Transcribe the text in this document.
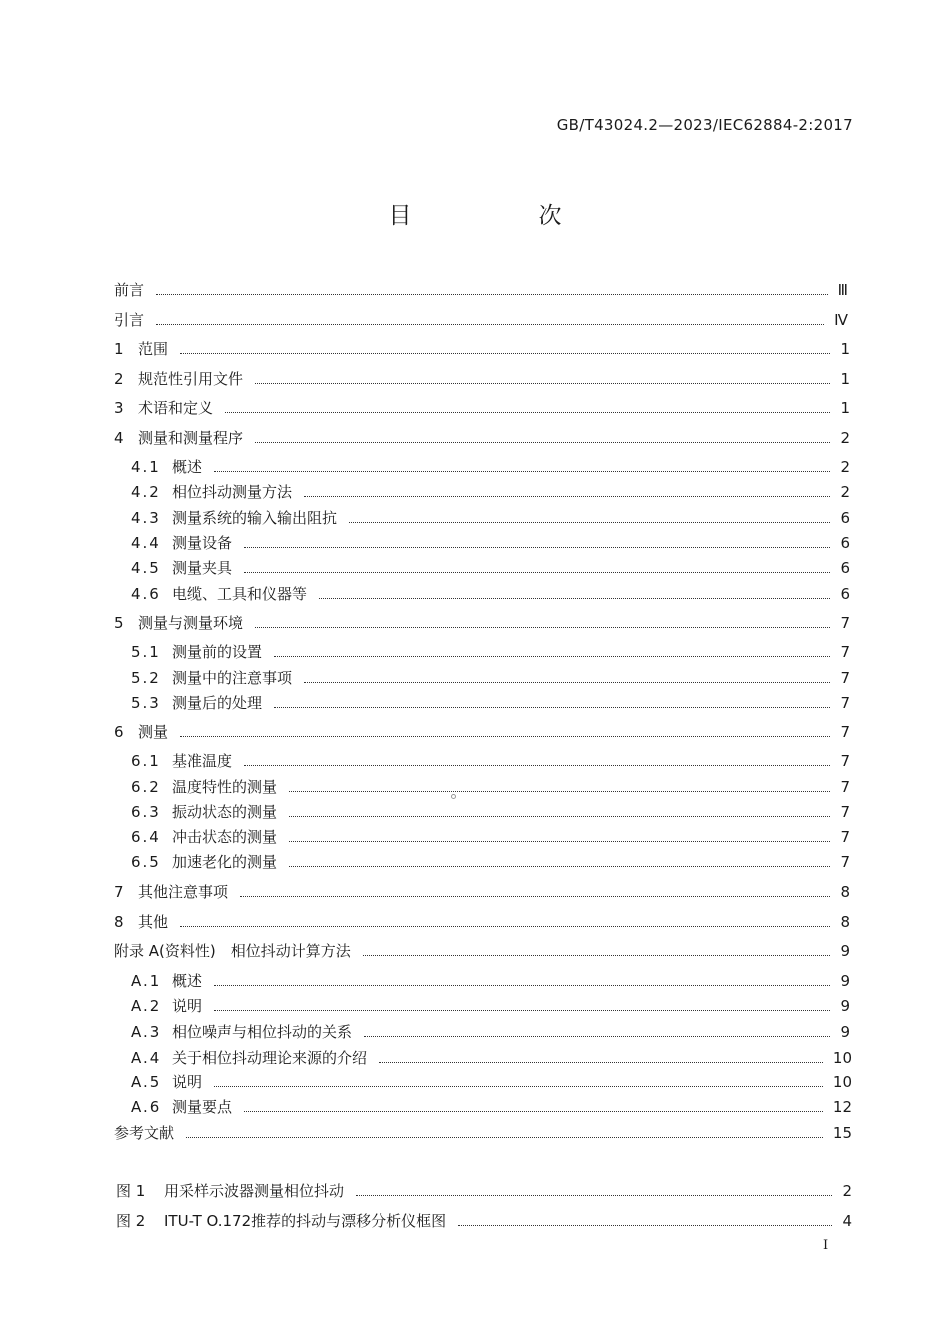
GB/T43024.2—2023/IEC62884-2:2017
目　次
前言	Ⅲ
引言	Ⅳ
1 范围	1
2 规范性引用文件	1
3 术语和定义	1
4 测量和测量程序	2
4.1 概述	2
4.2 相位抖动测量方法	2
4.3 测量系统的输入输出阻抗	6
4.4 测量设备	6
4.5 测量夹具	6
4.6 电缆、工具和仪器等	6
5 测量与测量环境	7
5.1 测量前的设置	7
5.2 测量中的注意事项	7
5.3 测量后的处理	7
6 测量	7
6.1 基准温度	7
6.2 温度特性的测量	7
6.3 振动状态的测量	7
6.4 冲击状态的测量	7
6.5 加速老化的测量	7
7 其他注意事项	8
8 其他	8
附录 A(资料性)　相位抖动计算方法	9
A.1 概述	9
A.2 说明	9
A.3 相位噪声与相位抖动的关系	9
A.4 关于相位抖动理论来源的介绍	10
A.5 说明	10
A.6 测量要点	12
参考文献	15
图 1	用采样示波器测量相位抖动	2
图 2	ITU-T O.172推荐的抖动与漂移分析仪框图	4
I
